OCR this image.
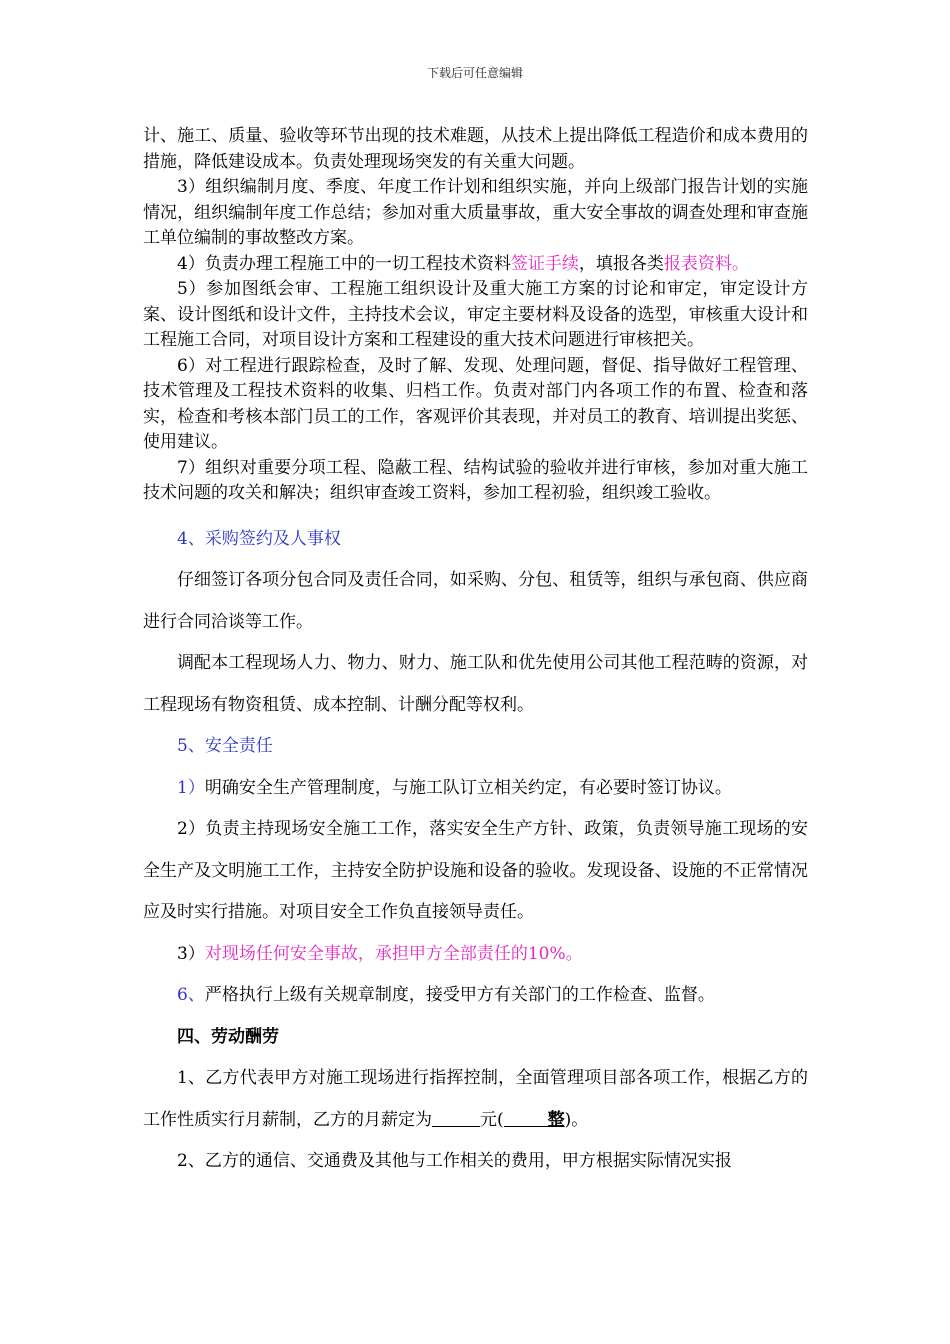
下载后可任意编辑
计、施工、质量、验收等环节出现的技术难题，从技术上提出降低工程造价和成本费用的措施，降低建设成本。负责处理现场突发的有关重大问题。
3）组织编制月度、季度、年度工作计划和组织实施，并向上级部门报告计划的实施情况，组织编制年度工作总结；参加对重大质量事故，重大安全事故的调查处理和审查施工单位编制的事故整改方案。
4）负责办理工程施工中的一切工程技术资料签证手续，填报各类报表资料。
5）参加图纸会审、工程施工组织设计及重大施工方案的讨论和审定，审定设计方案、设计图纸和设计文件，主持技术会议，审定主要材料及设备的选型，审核重大设计和工程施工合同，对项目设计方案和工程建设的重大技术问题进行审核把关。
6）对工程进行跟踪检查，及时了解、发现、处理问题，督促、指导做好工程管理、技术管理及工程技术资料的收集、归档工作。负责对部门内各项工作的布置、检查和落实，检查和考核本部门员工的工作，客观评价其表现，并对员工的教育、培训提出奖惩、使用建议。
7）组织对重要分项工程、隐蔽工程、结构试验的验收并进行审核，参加对重大施工技术问题的攻关和解决；组织审查竣工资料，参加工程初验，组织竣工验收。
4、采购签约及人事权
仔细签订各项分包合同及责任合同，如采购、分包、租赁等，组织与承包商、供应商进行合同洽谈等工作。
调配本工程现场人力、物力、财力、施工队和优先使用公司其他工程范畴的资源，对工程现场有物资租赁、成本控制、计酬分配等权利。
5、安全责任
1）明确安全生产管理制度，与施工队订立相关约定，有必要时签订协议。
2）负责主持现场安全施工工作，落实安全生产方针、政策，负责领导施工现场的安全生产及文明施工工作，主持安全防护设施和设备的验收。发现设备、设施的不正常情况应及时实行措施。对项目安全工作负直接领导责任。
3）对现场任何安全事故，承担甲方全部责任的10%。
6、严格执行上级有关规章制度，接受甲方有关部门的工作检查、监督。
四、劳动酬劳
1、乙方代表甲方对施工现场进行指挥控制，全面管理项目部各项工作，根据乙方的工作性质实行月薪制，乙方的月薪定为	元(	整)。
2、乙方的通信、交通费及其他与工作相关的费用，甲方根据实际情况实报
